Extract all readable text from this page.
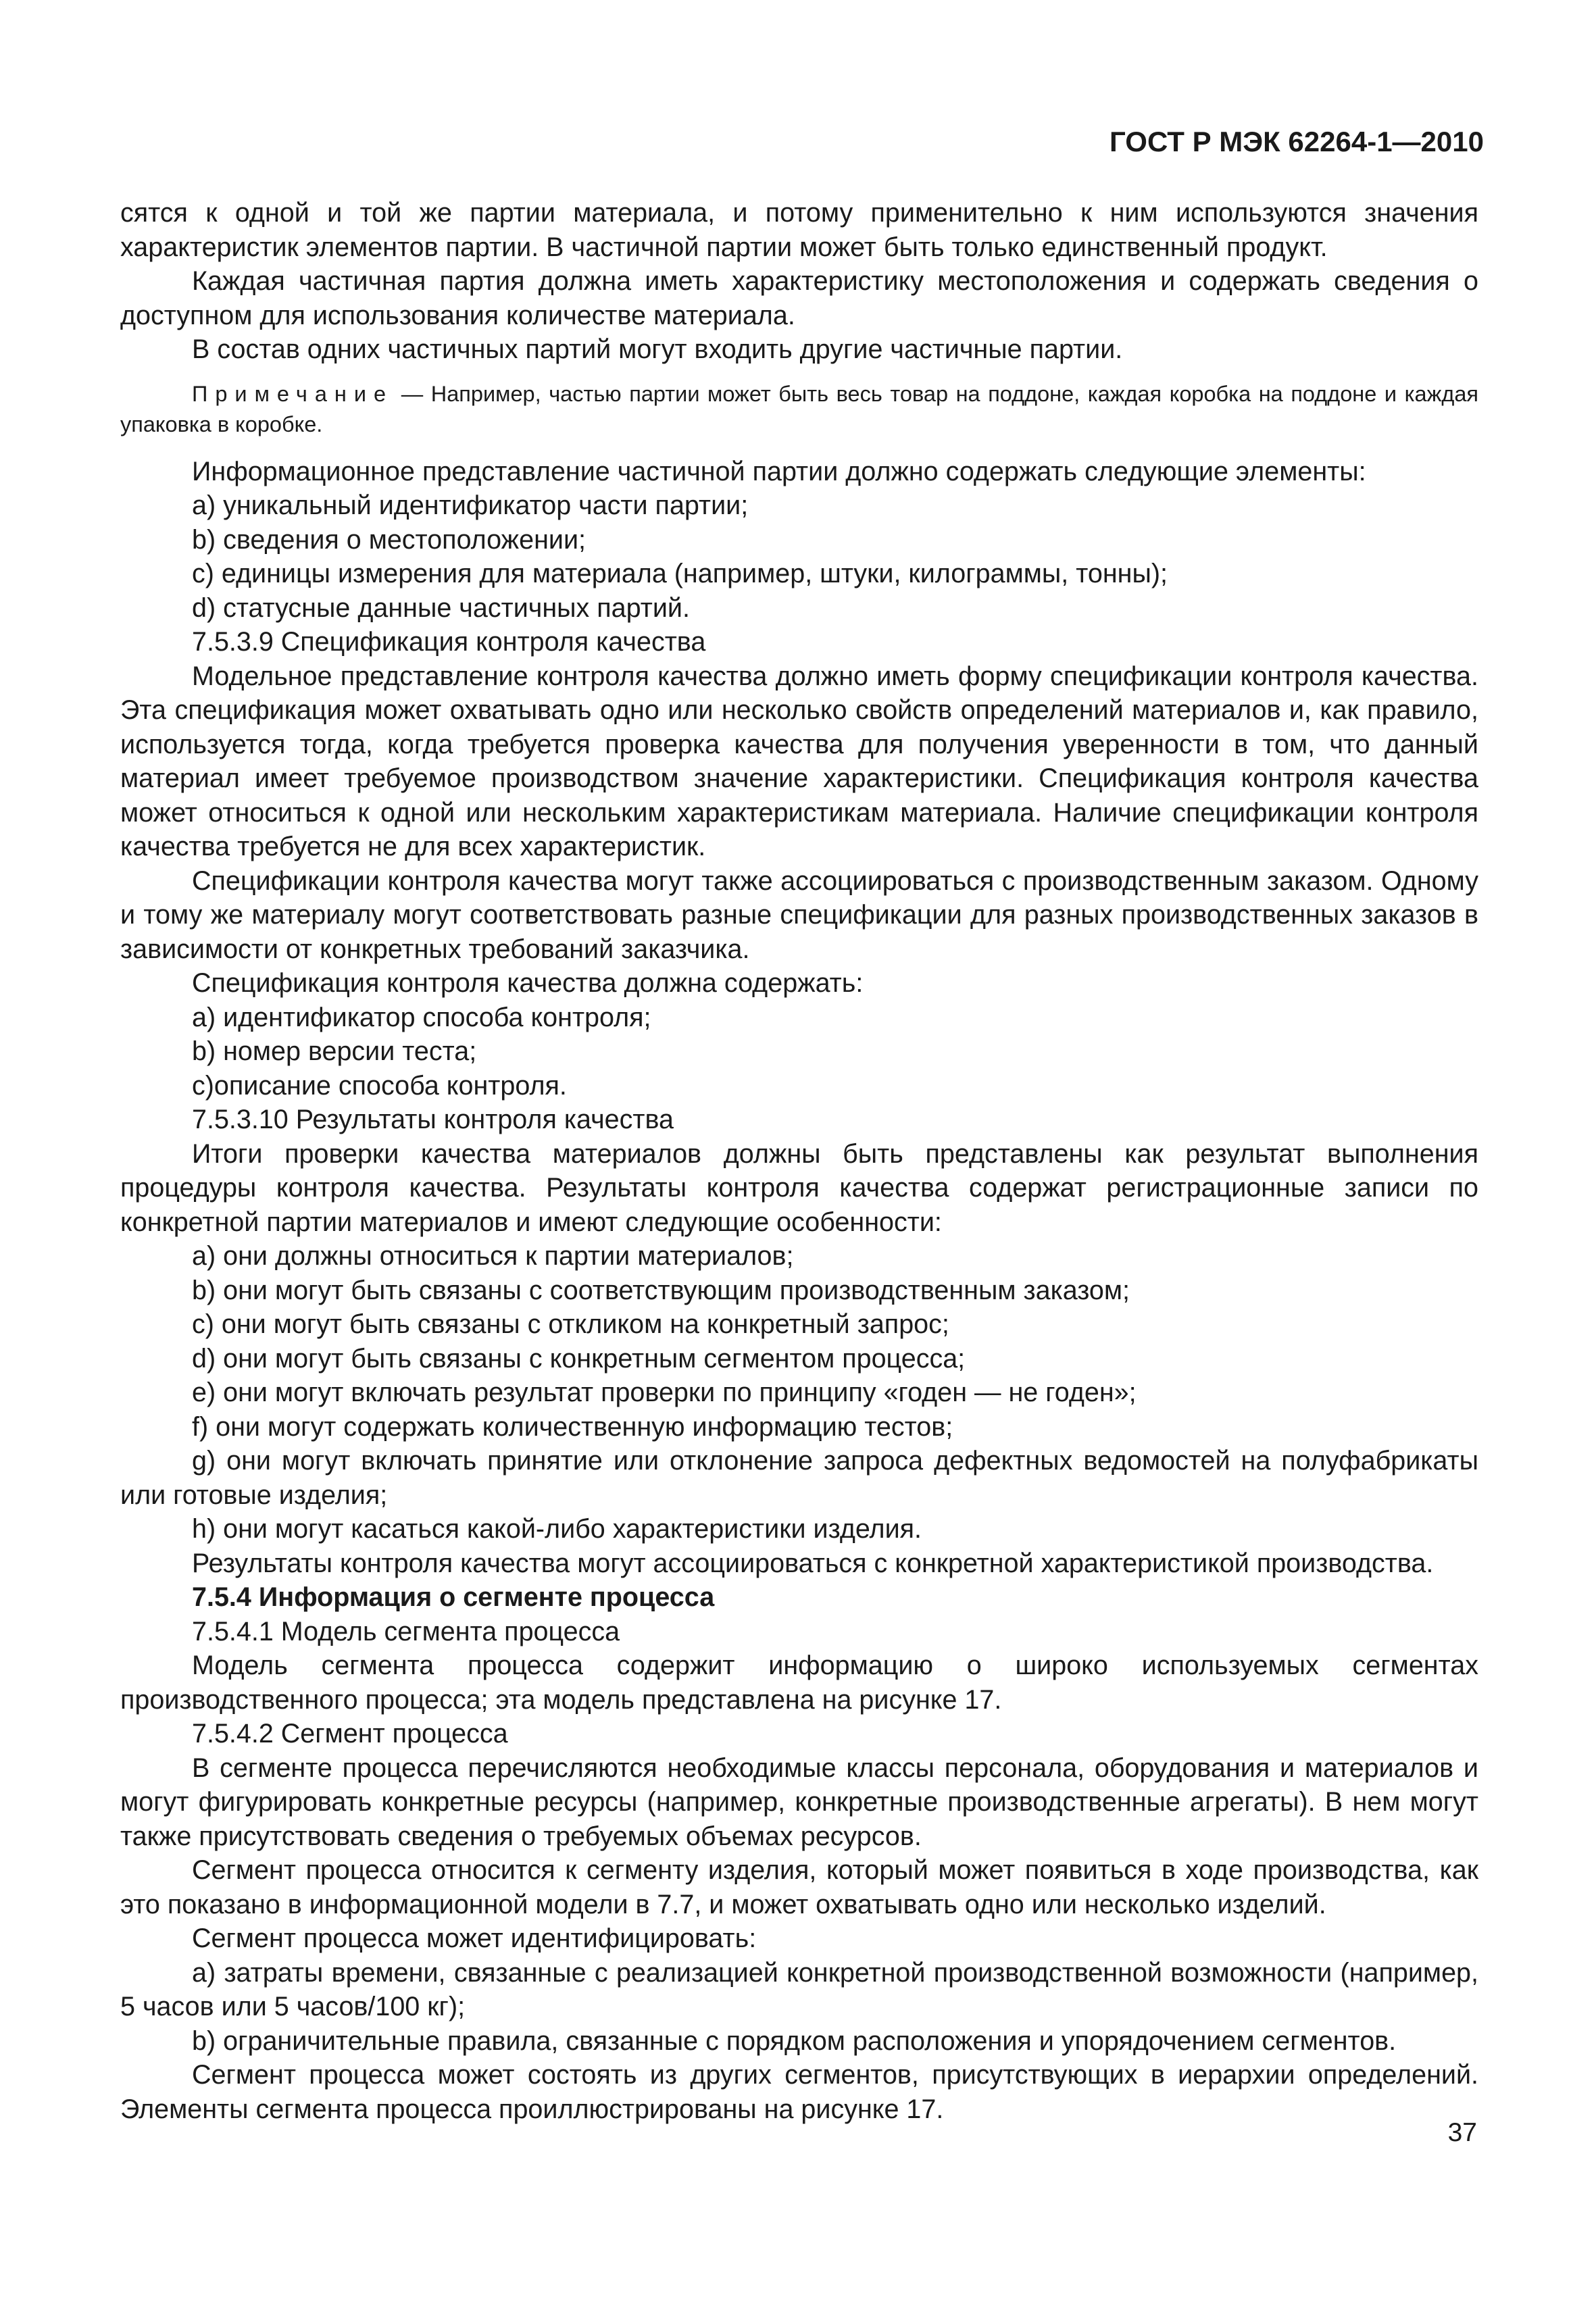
ГОСТ Р МЭК 62264-1—2010

сятся к одной и той же партии материала, и потому применительно к ним используются значения характеристик элементов партии. В частичной партии может быть только единственный продукт.

Каждая частичная партия должна иметь характеристику местоположения и содержать сведения о доступном для использования количестве материала.

В состав одних частичных партий могут входить другие частичные партии.

Примечание — Например, частью партии может быть весь товар на поддоне, каждая коробка на поддоне и каждая упаковка в коробке.

Информационное представление частичной партии должно содержать следующие элементы:

a) уникальный идентификатор части партии;

b) сведения о местоположении;

c) единицы измерения для материала (например, штуки, килограммы, тонны);

d) статусные данные частичных партий.

7.5.3.9 Спецификация контроля качества

Модельное представление контроля качества должно иметь форму спецификации контроля качества. Эта спецификация может охватывать одно или несколько свойств определений материалов и, как правило, используется тогда, когда требуется проверка качества для получения уверенности в том, что данный материал имеет требуемое производством значение характеристики. Спецификация контроля качества может относиться к одной или нескольким характеристикам материала. Наличие спецификации контроля качества требуется не для всех характеристик.

Спецификации контроля качества могут также ассоциироваться с производственным заказом. Одному и тому же материалу могут соответствовать разные спецификации для разных производственных заказов в зависимости от конкретных требований заказчика.

Спецификация контроля качества должна содержать:

a) идентификатор способа контроля;

b) номер версии теста;

c)описание способа контроля.

7.5.3.10 Результаты контроля качества

Итоги проверки качества материалов должны быть представлены как результат выполнения процедуры контроля качества. Результаты контроля качества содержат регистрационные записи по конкретной партии материалов и имеют следующие особенности:

a) они должны относиться к партии материалов;

b) они могут быть связаны с соответствующим производственным заказом;

c) они могут быть связаны с откликом на конкретный запрос;

d) они могут быть связаны с конкретным сегментом процесса;

e) они могут включать результат проверки по принципу «годен — не годен»;

f) они могут содержать количественную информацию тестов;

g) они могут включать принятие или отклонение запроса дефектных ведомостей на полуфабрикаты или готовые изделия;

h) они могут касаться какой-либо характеристики изделия.

Результаты контроля качества могут ассоциироваться с конкретной характеристикой производства.

7.5.4 Информация о сегменте процесса

7.5.4.1 Модель сегмента процесса

Модель сегмента процесса содержит информацию о широко используемых сегментах производственного процесса; эта модель представлена на рисунке 17.

7.5.4.2 Сегмент процесса

В сегменте процесса перечисляются необходимые классы персонала, оборудования и материалов и могут фигурировать конкретные ресурсы (например, конкретные производственные агрегаты). В нем могут также присутствовать сведения о требуемых объемах ресурсов.

Сегмент процесса относится к сегменту изделия, который может появиться в ходе производства, как это показано в информационной модели в 7.7, и может охватывать одно или несколько изделий.

Сегмент процесса может идентифицировать:

a) затраты времени, связанные с реализацией конкретной производственной возможности (например, 5 часов или 5 часов/100 кг);

b) ограничительные правила, связанные с порядком расположения и упорядочением сегментов.

Сегмент процесса может состоять из других сегментов, присутствующих в иерархии определений. Элементы сегмента процесса проиллюстрированы на рисунке 17.

37
